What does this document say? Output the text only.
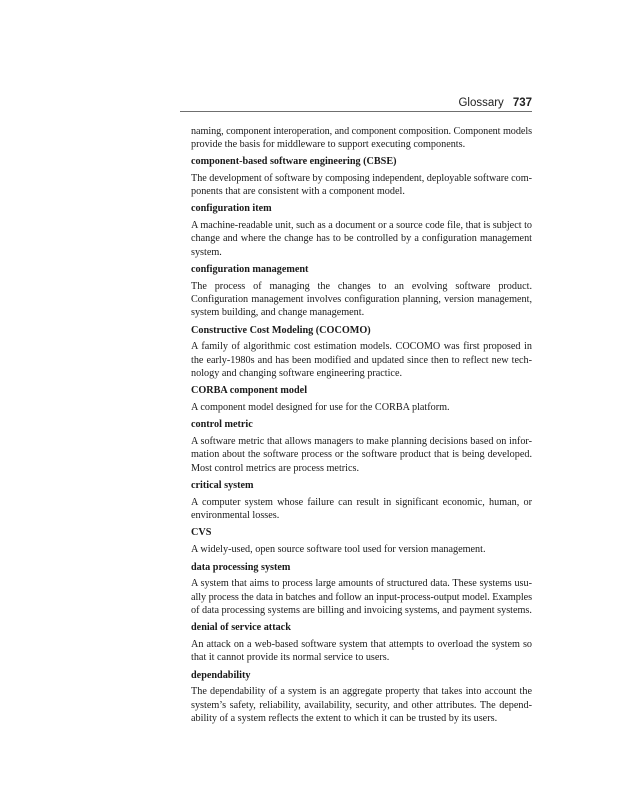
Glossary 737

naming, component interoperation, and component composition. Component models
provide the basis for middleware to support executing components.

component-based software engineering (CBSE)

The development of software by composing independent, deployable software com-
ponents that are consistent with a component model.

configuration item

A machine-readable unit, such as a document or a source code file, that is subject to
change and where the change has to be controlled by a configuration management
system.

configuration management

The process of managing the changes to an evolving software product.
Configuration management involves configuration planning, version management,
system building, and change management.

Constructive Cost Modeling (COCOMO)

A family of algorithmic cost estimation models. COCOMO was first proposed in
the early-1980s and has been modified and updated since then to reflect new tech-
nology and changing software engineering practice.

CORBA component model

A component model designed for use for the CORBA platform.

control metric

A software metric that allows managers to make planning decisions based on infor-
mation about the software process or the software product that is being developed.
Most control metrics are process metrics.

critical system

A computer system whose failure can result in significant economic, human, or
environmental losses.

CVS

A widely-used, open source software tool used for version management.

data processing system

A system that aims to process large amounts of structured data. These systems usu-
ally process the data in batches and follow an input-process-output model. Examples
of data processing systems are billing and invoicing systems, and payment systems.

denial of service attack

An attack on a web-based software system that attempts to overload the system so
that it cannot provide its normal service to users.

dependability

The dependability of a system is an aggregate property that takes into account the
system’s safety, reliability, availability, security, and other attributes. The depend-
ability of a system reflects the extent to which it can be trusted by its users.
